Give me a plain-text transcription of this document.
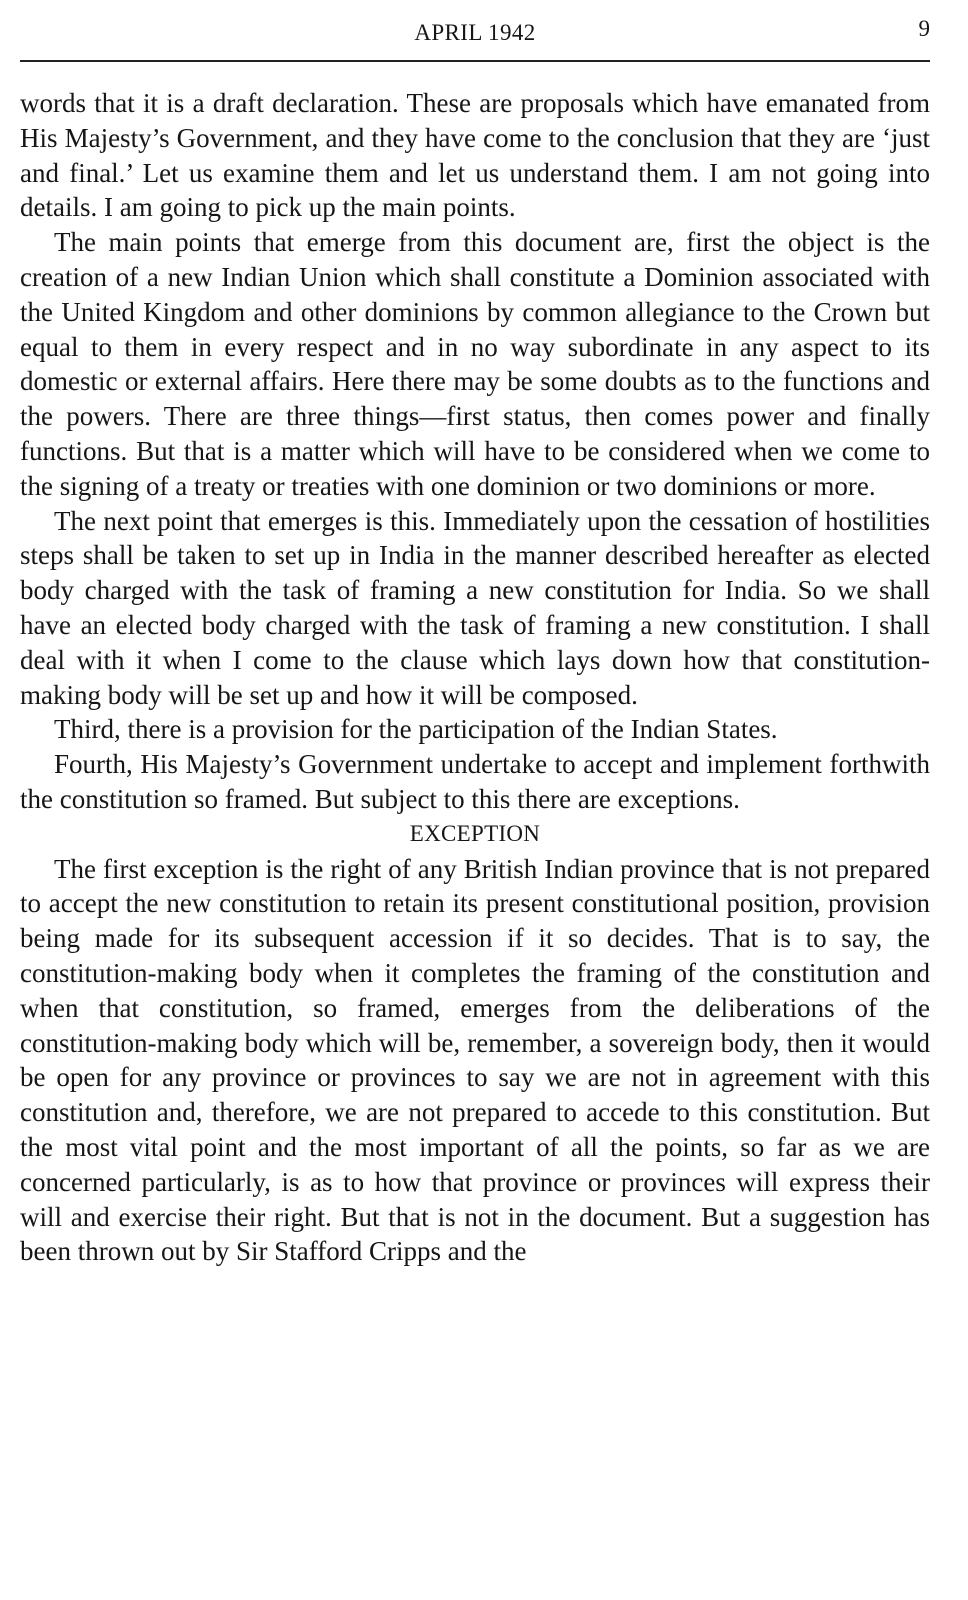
APRIL 1942	9

words that it is a draft declaration. These are proposals which have emanated from His Majesty’s Government, and they have come to the conclusion that they are ‘just and final.’ Let us examine them and let us understand them. I am not going into details. I am going to pick up the main points.

The main points that emerge from this document are, first the object is the creation of a new Indian Union which shall constitute a Dominion associated with the United Kingdom and other dominions by common allegiance to the Crown but equal to them in every respect and in no way subordinate in any aspect to its domestic or external affairs. Here there may be some doubts as to the functions and the powers. There are three things—first status, then comes power and finally functions. But that is a matter which will have to be considered when we come to the signing of a treaty or treaties with one dominion or two dominions or more.

The next point that emerges is this. Immediately upon the cessation of hostilities steps shall be taken to set up in India in the manner described hereafter as elected body charged with the task of framing a new constitution for India. So we shall have an elected body charged with the task of framing a new constitution. I shall deal with it when I come to the clause which lays down how that constitution-making body will be set up and how it will be composed.

Third, there is a provision for the participation of the Indian States.

Fourth, His Majesty’s Government undertake to accept and implement forthwith the constitution so framed. But subject to this there are exceptions.

EXCEPTION

The first exception is the right of any British Indian province that is not prepared to accept the new constitution to retain its present constitutional position, provision being made for its subsequent accession if it so decides. That is to say, the constitution-making body when it completes the framing of the constitution and when that constitution, so framed, emerges from the deliberations of the constitution-making body which will be, remember, a sovereign body, then it would be open for any province or provinces to say we are not in agreement with this constitution and, therefore, we are not prepared to accede to this constitution. But the most vital point and the most important of all the points, so far as we are concerned particularly, is as to how that province or provinces will express their will and exercise their right. But that is not in the document. But a suggestion has been thrown out by Sir Stafford Cripps and the
